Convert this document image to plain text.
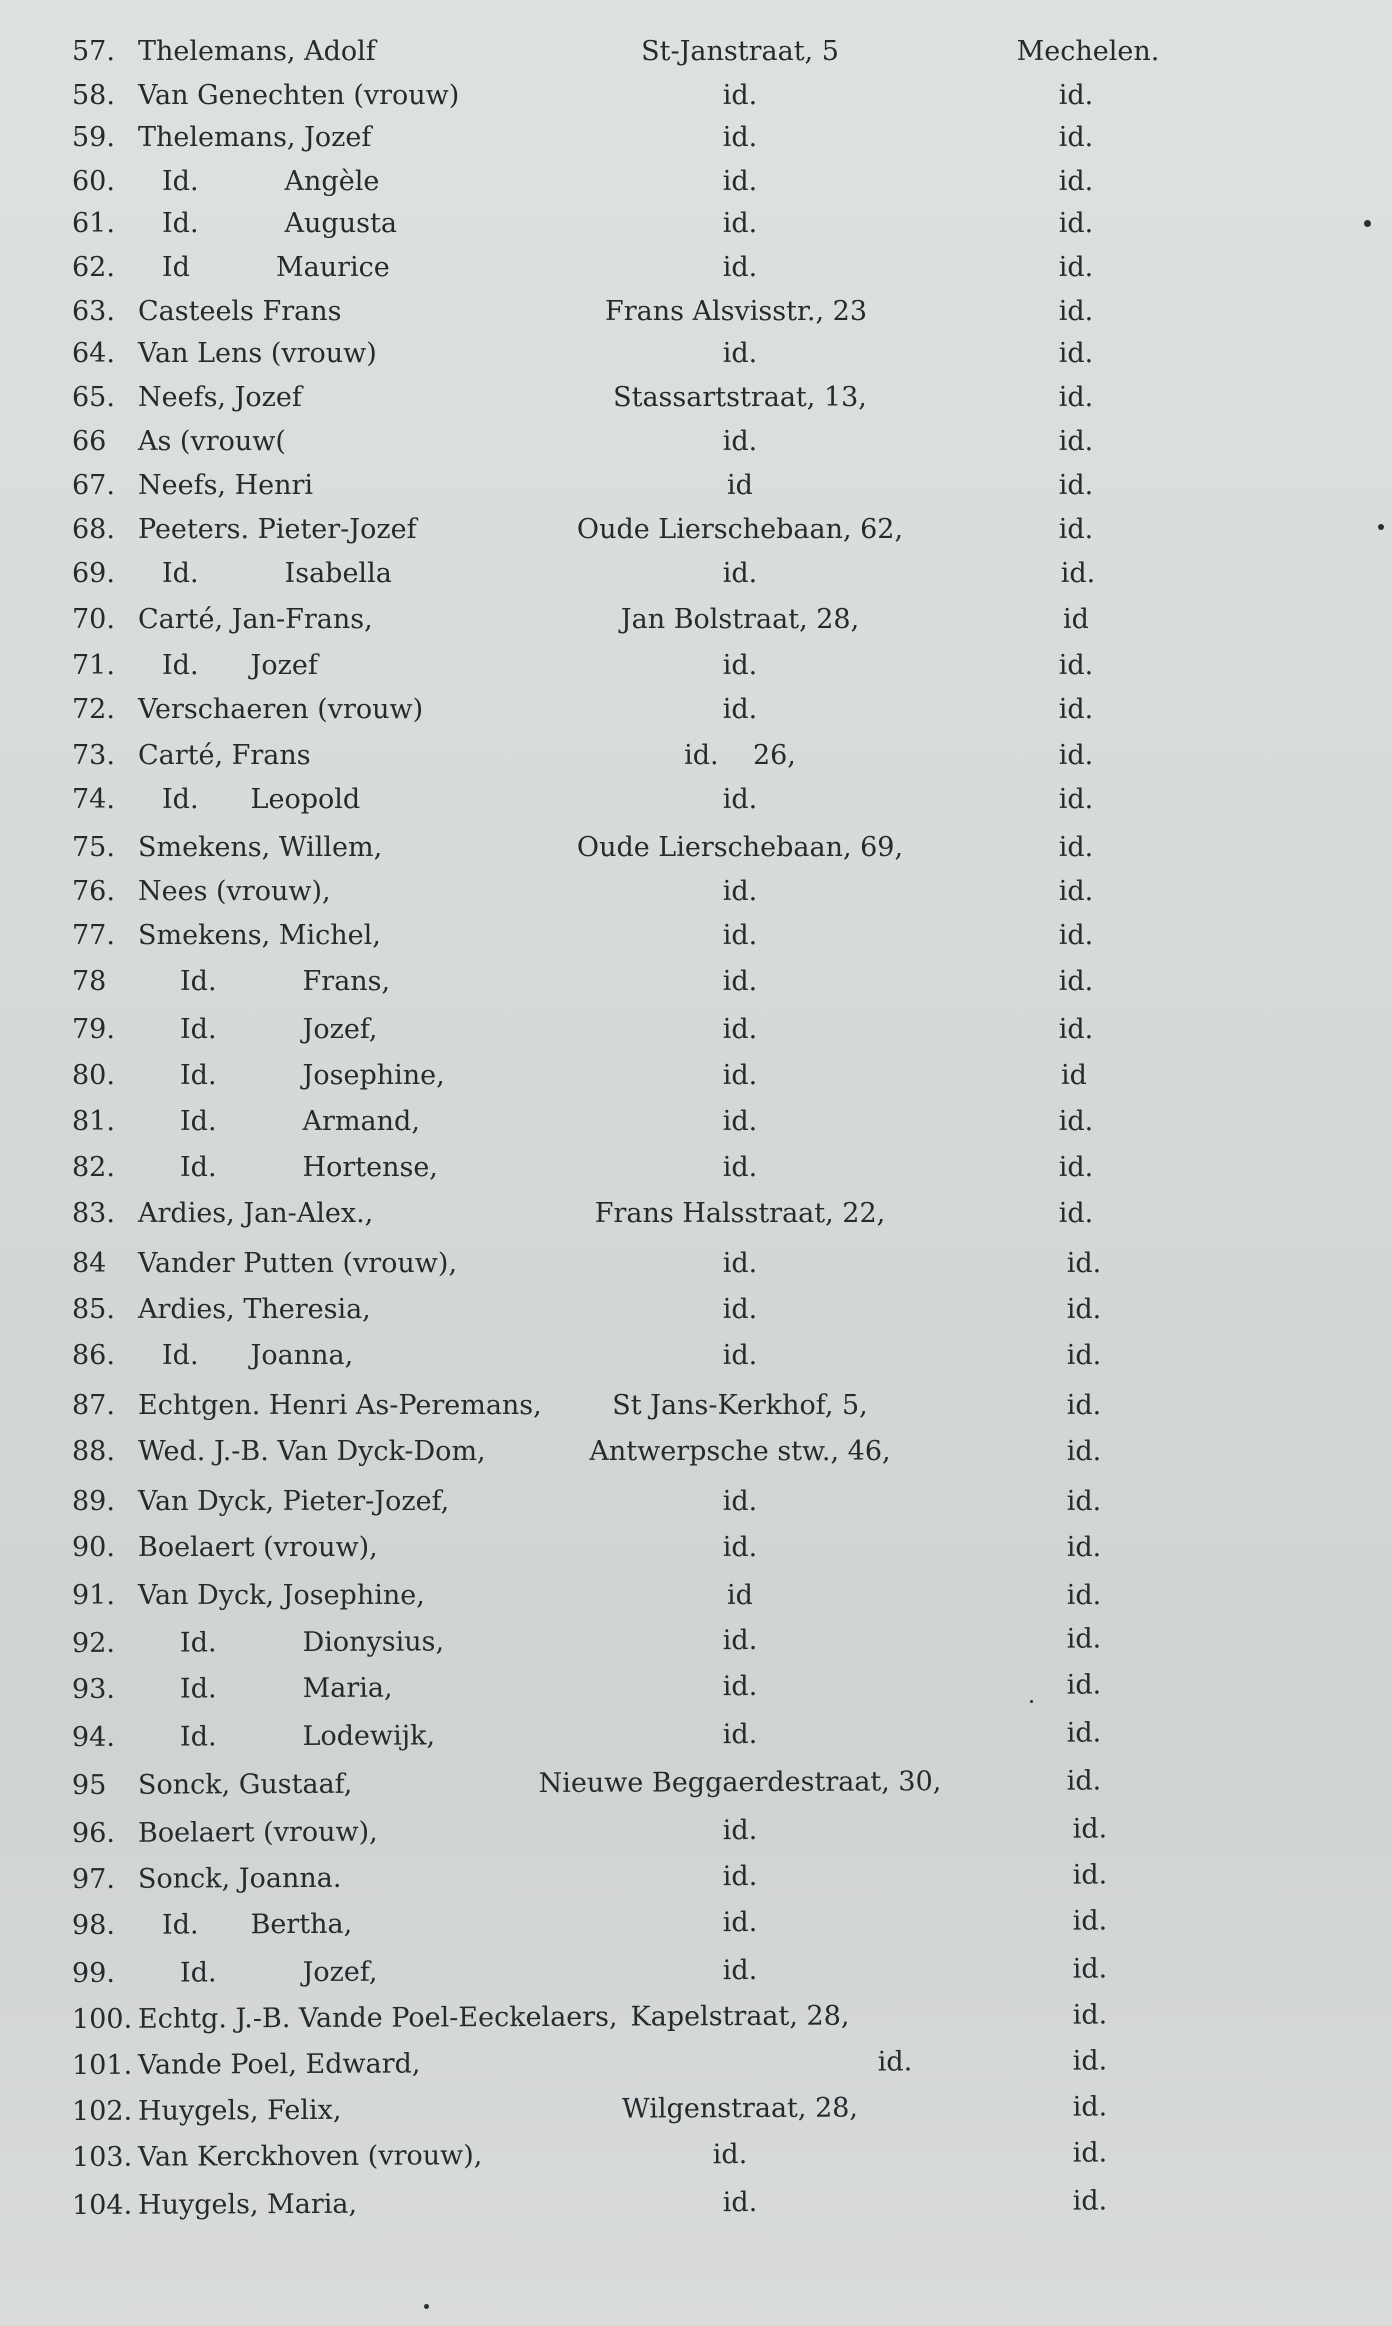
57. Thelemans, Adolf	St-Janstraat, 5	Mechelen.
58. Van Genechten (vrouw)	id.	id.
59. Thelemans, Jozef	id.	id.
60.	Id.	Angèle	id.	id.
61.	Id.	Augusta	id.	id.
62.	Id	Maurice	id.	id.
63. Casteels Frans	Frans Alsvisstr., 23	id.
64. Van Lens (vrouw)	id.	id.
65. Neefs, Jozef	Stassartstraat, 13,	id.
66	As (vrouw(	id.	id.
67. Neefs, Henri	id	id.
68. Peeters. Pieter-Jozef	Oude Lierschebaan, 62,	id.
69.	Id.	Isabella	id.	id.
70. Carté, Jan-Frans,	Jan Bolstraat, 28,	id
71.	Id. Jozef	id.	id.
72. Verschaeren (vrouw)	id.	id.
73. Carté, Frans	id.    26,	id.
74.	Id. Leopold	id.	id.
75. Smekens, Willem,	Oude Lierschebaan, 69,	id.
76. Nees (vrouw),	id.	id.
77. Smekens, Michel,	id.	id.
78	Id.	Frans,	id.	id.
79.	Id.	Jozef,	id.	id.
80.	Id.	Josephine,	id.	id
81.	Id.	Armand,	id.	id.
82.	Id.	Hortense,	id.	id.
83. Ardies, Jan-Alex.,	Frans Halsstraat, 22,	id.
84	Vander Putten (vrouw),	id.	id.
85. Ardies, Theresia,	id.	id.
86.	Id. Joanna,	id.	id.
87. Echtgen. Henri As-Peremans,	St Jans-Kerkhof, 5,	id.
88. Wed. J.-B. Van Dyck-Dom,	Antwerpsche stw., 46,	id.
89. Van Dyck, Pieter-Jozef,	id.	id.
90. Boelaert (vrouw),	id.	id.
91. Van Dyck, Josephine,	id	id.
92.	Id.	Dionysius,	id.	id.
93.	Id.	Maria,	id.	id.
94.	Id.	Lodewijk,	id.	id.
95	Sonck, Gustaaf,	Nieuwe Beggaerdestraat, 30,	id.
96. Boelaert (vrouw),	id.	id.
97. Sonck, Joanna.	id.	id.
98.	Id. Bertha,	id.	id.
99.	Id.	Jozef,	id.	id.
100. Echtg. J.-B. Vande Poel-Eeckelaers, Kapelstraat, 28,	id.
101. Vande Poel, Edward,	id.	id.
102. Huygels, Felix,	Wilgenstraat, 28,	id.
103. Van Kerckhoven (vrouw),	id.	id.
104. Huygels, Maria,	id.	id.
